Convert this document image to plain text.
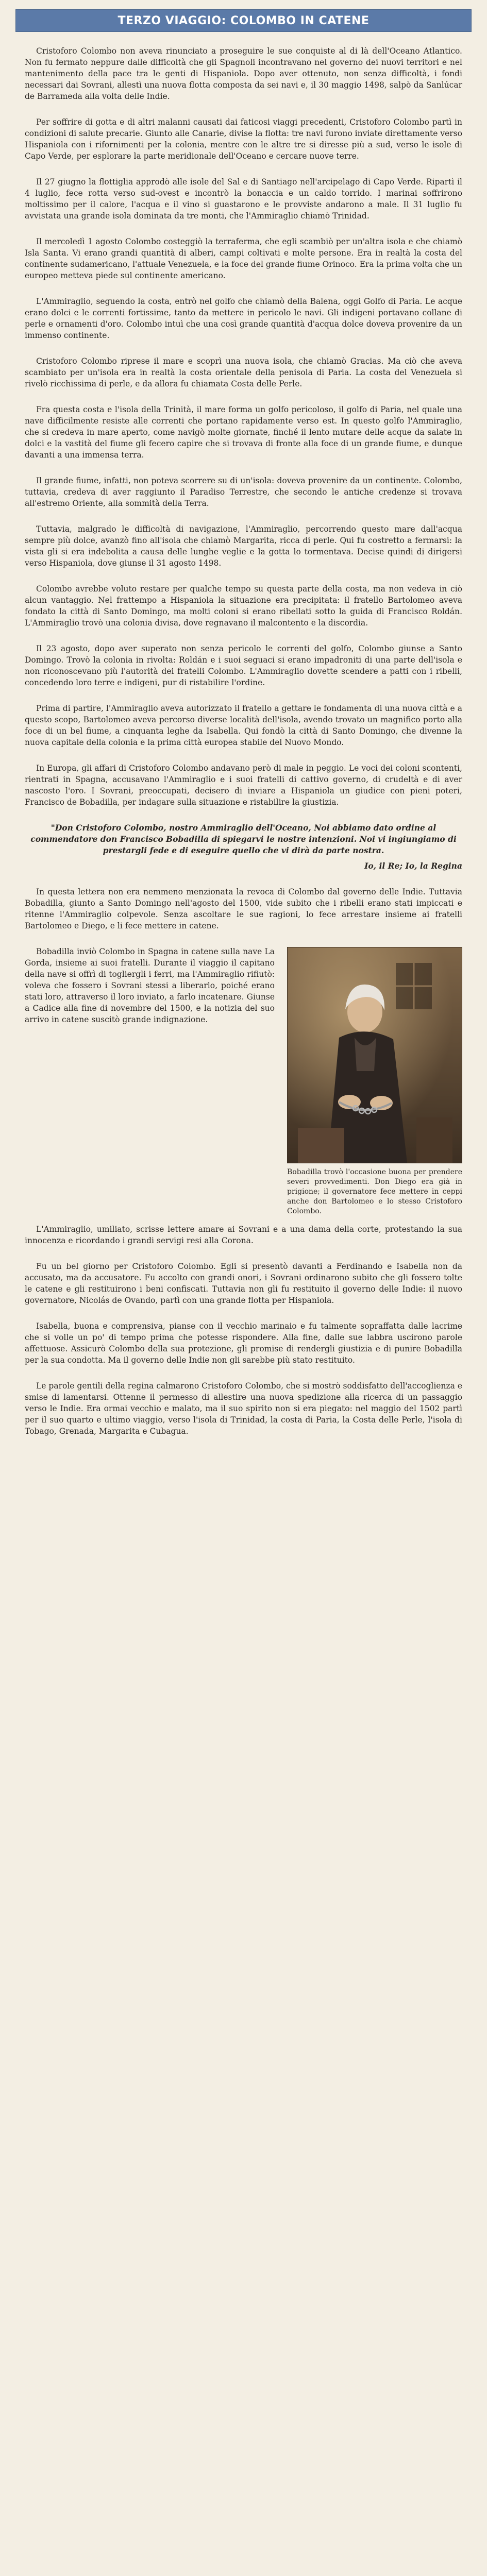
TERZO VIAGGIO: COLOMBO IN CATENE

Cristoforo Colombo non aveva rinunciato a proseguire le sue conquiste al di là dell'Oceano Atlantico. Non fu fermato neppure dalle difficoltà che gli Spagnoli incontravano nel governo dei nuovi territori e nel mantenimento della pace tra le genti di Hispaniola. Dopo aver ottenuto, non senza difficoltà, i fondi necessari dai Sovrani, allestì una nuova flotta composta da sei navi e, il 30 maggio 1498, salpò da Sanlúcar de Barrameda alla volta delle Indie.

Per soffrire di gotta e di altri malanni causati dai faticosi viaggi precedenti, Cristoforo Colombo partì in condizioni di salute precarie. Giunto alle Canarie, divise la flotta: tre navi furono inviate direttamente verso Hispaniola con i rifornimenti per la colonia, mentre con le altre tre si diresse più a sud, verso le isole di Capo Verde, per esplorare la parte meridionale dell'Oceano e cercare nuove terre.

Il 27 giugno la flottiglia approdò alle isole del Sal e di Santiago nell'arcipelago di Capo Verde. Ripartì il 4 luglio, fece rotta verso sud-ovest e incontrò la bonaccia e un caldo torrido. I marinai soffrirono moltissimo per il calore, l'acqua e il vino si guastarono e le provviste andarono a male. Il 31 luglio fu avvistata una grande isola dominata da tre monti, che l'Ammiraglio chiamò Trinidad.

Il mercoledì 1 agosto Colombo costeggiò la terraferma, che egli scambiò per un'altra isola e che chiamò Isla Santa. Vi erano grandi quantità di alberi, campi coltivati e molte persone. Era in realtà la costa del continente sudamericano, l'attuale Venezuela, e la foce del grande fiume Orinoco. Era la prima volta che un europeo metteva piede sul continente americano.

L'Ammiraglio, seguendo la costa, entrò nel golfo che chiamò della Balena, oggi Golfo di Paria. Le acque erano dolci e le correnti fortissime, tanto da mettere in pericolo le navi. Gli indigeni portavano collane di perle e ornamenti d'oro. Colombo intuì che una così grande quantità d'acqua dolce doveva provenire da un immenso continente.

Cristoforo Colombo riprese il mare e scoprì una nuova isola, che chiamò Gracias. Ma ciò che aveva scambiato per un'isola era in realtà la costa orientale della penisola di Paria. La costa del Venezuela si rivelò ricchissima di perle, e da allora fu chiamata Costa delle Perle.

Fra questa costa e l'isola della Trinità, il mare forma un golfo pericoloso, il golfo di Paria, nel quale una nave difficilmente resiste alle correnti che portano rapidamente verso est. In questo golfo l'Ammiraglio, che si credeva in mare aperto, come navigò molte giornate, finché il lento mutare delle acque da salate in dolci e la vastità del fiume gli fecero capire che si trovava di fronte alla foce di un grande fiume, e dunque davanti a una immensa terra.

Il grande fiume, infatti, non poteva scorrere su di un'isola: doveva provenire da un continente. Colombo, tuttavia, credeva di aver raggiunto il Paradiso Terrestre, che secondo le antiche credenze si trovava all'estremo Oriente, alla sommità della Terra.

Tuttavia, malgrado le difficoltà di navigazione, l'Ammiraglio, percorrendo questo mare dall'acqua sempre più dolce, avanzò fino all'isola che chiamò Margarita, ricca di perle. Qui fu costretto a fermarsi: la vista gli si era indebolita a causa delle lunghe veglie e la gotta lo tormentava. Decise quindi di dirigersi verso Hispaniola, dove giunse il 31 agosto 1498.

Colombo avrebbe voluto restare per qualche tempo su questa parte della costa, ma non vedeva in ciò alcun vantaggio. Nel frattempo a Hispaniola la situazione era precipitata: il fratello Bartolomeo aveva fondato la città di Santo Domingo, ma molti coloni si erano ribellati sotto la guida di Francisco Roldán. L'Ammiraglio trovò una colonia divisa, dove regnavano il malcontento e la discordia.

Il 23 agosto, dopo aver superato non senza pericolo le correnti del golfo, Colombo giunse a Santo Domingo. Trovò la colonia in rivolta: Roldán e i suoi seguaci si erano impadroniti di una parte dell'isola e non riconoscevano più l'autorità dei fratelli Colombo. L'Ammiraglio dovette scendere a patti con i ribelli, concedendo loro terre e indigeni, pur di ristabilire l'ordine.

Prima di partire, l'Ammiraglio aveva autorizzato il fratello a gettare le fondamenta di una nuova città e a questo scopo, Bartolomeo aveva percorso diverse località dell'isola, avendo trovato un magnifico porto alla foce di un bel fiume, a cinquanta leghe da Isabella. Qui fondò la città di Santo Domingo, che divenne la nuova capitale della colonia e la prima città europea stabile del Nuovo Mondo.

In Europa, gli affari di Cristoforo Colombo andavano però di male in peggio. Le voci dei coloni scontenti, rientrati in Spagna, accusavano l'Ammiraglio e i suoi fratelli di cattivo governo, di crudeltà e di aver nascosto l'oro. I Sovrani, preoccupati, decisero di inviare a Hispaniola un giudice con pieni poteri, Francisco de Bobadilla, per indagare sulla situazione e ristabilire la giustizia.

"Don Cristoforo Colombo, nostro Ammiraglio dell'Oceano, Noi abbiamo dato ordine al commendatore don Francisco Bobadilla di spiegarvi le nostre intenzioni. Noi vi ingiungiamo di prestargli fede e di eseguire quello che vi dirà da parte nostra.

Io, il Re; Io, la Regina

In questa lettera non era nemmeno menzionata la revoca di Colombo dal governo delle Indie. Tuttavia Bobadilla, giunto a Santo Domingo nell'agosto del 1500, vide subito che i ribelli erano stati impiccati e ritenne l'Ammiraglio colpevole. Senza ascoltare le sue ragioni, lo fece arrestare insieme ai fratelli Bartolomeo e Diego, e li fece mettere in catene.

Bobadilla trovò l'occasione buona per prendere severi provvedimenti. Don Diego era già in prigione; il governatore fece mettere in ceppi anche don Bartolomeo e lo stesso Cristoforo Colombo.

Bobadilla inviò Colombo in Spagna in catene sulla nave La Gorda, insieme ai suoi fratelli. Durante il viaggio il capitano della nave si offrì di togliergli i ferri, ma l'Ammiraglio rifiutò: voleva che fossero i Sovrani stessi a liberarlo, poiché erano stati loro, attraverso il loro inviato, a farlo incatenare. Giunse a Cadice alla fine di novembre del 1500, e la notizia del suo arrivo in catene suscitò grande indignazione.

L'Ammiraglio, umiliato, scrisse lettere amare ai Sovrani e a una dama della corte, protestando la sua innocenza e ricordando i grandi servigi resi alla Corona.

Fu un bel giorno per Cristoforo Colombo. Egli si presentò davanti a Ferdinando e Isabella non da accusato, ma da accusatore. Fu accolto con grandi onori, i Sovrani ordinarono subito che gli fossero tolte le catene e gli restituirono i beni confiscati. Tuttavia non gli fu restituito il governo delle Indie: il nuovo governatore, Nicolás de Ovando, partì con una grande flotta per Hispaniola.

Isabella, buona e comprensiva, pianse con il vecchio marinaio e fu talmente sopraffatta dalle lacrime che si volle un po' di tempo prima che potesse rispondere. Alla fine, dalle sue labbra uscirono parole affettuose. Assicurò Colombo della sua protezione, gli promise di rendergli giustizia e di punire Bobadilla per la sua condotta. Ma il governo delle Indie non gli sarebbe più stato restituito.

Le parole gentili della regina calmarono Cristoforo Colombo, che si mostrò soddisfatto dell'accoglienza e smise di lamentarsi. Ottenne il permesso di allestire una nuova spedizione alla ricerca di un passaggio verso le Indie. Era ormai vecchio e malato, ma il suo spirito non si era piegato: nel maggio del 1502 partì per il suo quarto e ultimo viaggio, verso l'isola di Trinidad, la costa di Paria, la Costa delle Perle, l'isola di Tobago, Grenada, Margarita e Cubagua.
